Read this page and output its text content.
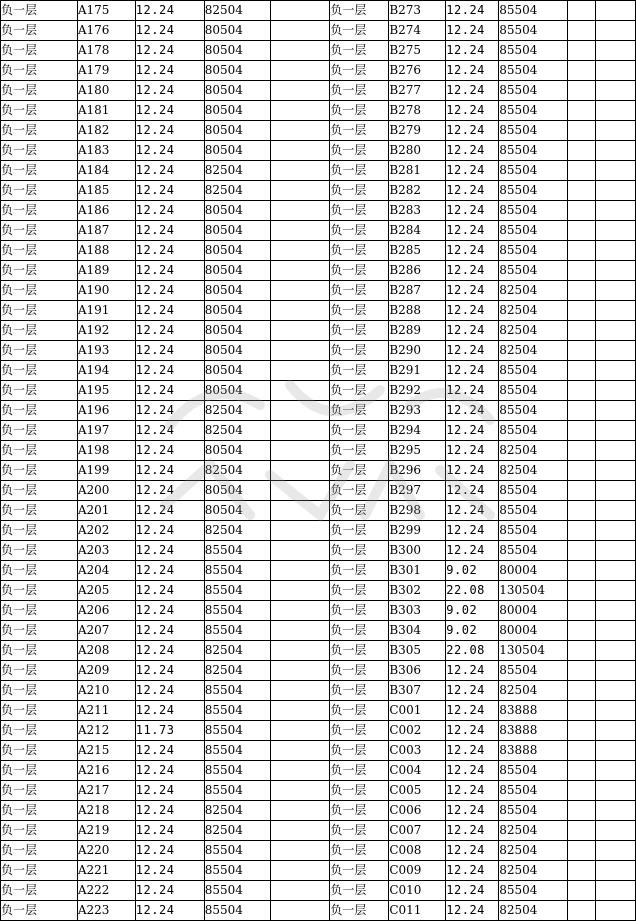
负一层	A175	12.24	82504		负一层	B273	12.24	85504		
负一层	A176	12.24	80504		负一层	B274	12.24	85504		
负一层	A178	12.24	80504		负一层	B275	12.24	85504		
负一层	A179	12.24	80504		负一层	B276	12.24	85504		
负一层	A180	12.24	80504		负一层	B277	12.24	85504		
负一层	A181	12.24	80504		负一层	B278	12.24	85504		
负一层	A182	12.24	80504		负一层	B279	12.24	85504		
负一层	A183	12.24	80504		负一层	B280	12.24	85504		
负一层	A184	12.24	82504		负一层	B281	12.24	85504		
负一层	A185	12.24	82504		负一层	B282	12.24	85504		
负一层	A186	12.24	80504		负一层	B283	12.24	85504		
负一层	A187	12.24	80504		负一层	B284	12.24	85504		
负一层	A188	12.24	80504		负一层	B285	12.24	85504		
负一层	A189	12.24	80504		负一层	B286	12.24	85504		
负一层	A190	12.24	80504		负一层	B287	12.24	82504		
负一层	A191	12.24	80504		负一层	B288	12.24	82504		
负一层	A192	12.24	80504		负一层	B289	12.24	82504		
负一层	A193	12.24	80504		负一层	B290	12.24	82504		
负一层	A194	12.24	80504		负一层	B291	12.24	85504		
负一层	A195	12.24	80504		负一层	B292	12.24	85504		
负一层	A196	12.24	82504		负一层	B293	12.24	85504		
负一层	A197	12.24	82504		负一层	B294	12.24	85504		
负一层	A198	12.24	80504		负一层	B295	12.24	82504		
负一层	A199	12.24	82504		负一层	B296	12.24	82504		
负一层	A200	12.24	80504		负一层	B297	12.24	85504		
负一层	A201	12.24	80504		负一层	B298	12.24	85504		
负一层	A202	12.24	82504		负一层	B299	12.24	85504		
负一层	A203	12.24	85504		负一层	B300	12.24	85504		
负一层	A204	12.24	85504		负一层	B301	9.02	80004		
负一层	A205	12.24	85504		负一层	B302	22.08	130504		
负一层	A206	12.24	85504		负一层	B303	9.02	80004		
负一层	A207	12.24	85504		负一层	B304	9.02	80004		
负一层	A208	12.24	82504		负一层	B305	22.08	130504		
负一层	A209	12.24	82504		负一层	B306	12.24	85504		
负一层	A210	12.24	85504		负一层	B307	12.24	82504		
负一层	A211	12.24	85504		负一层	C001	12.24	83888		
负一层	A212	11.73	85504		负一层	C002	12.24	83888		
负一层	A215	12.24	85504		负一层	C003	12.24	83888		
负一层	A216	12.24	85504		负一层	C004	12.24	85504		
负一层	A217	12.24	85504		负一层	C005	12.24	85504		
负一层	A218	12.24	82504		负一层	C006	12.24	85504		
负一层	A219	12.24	82504		负一层	C007	12.24	82504		
负一层	A220	12.24	85504		负一层	C008	12.24	82504		
负一层	A221	12.24	85504		负一层	C009	12.24	82504		
负一层	A222	12.24	85504		负一层	C010	12.24	85504		
负一层	A223	12.24	85504		负一层	C011	12.24	82504		
